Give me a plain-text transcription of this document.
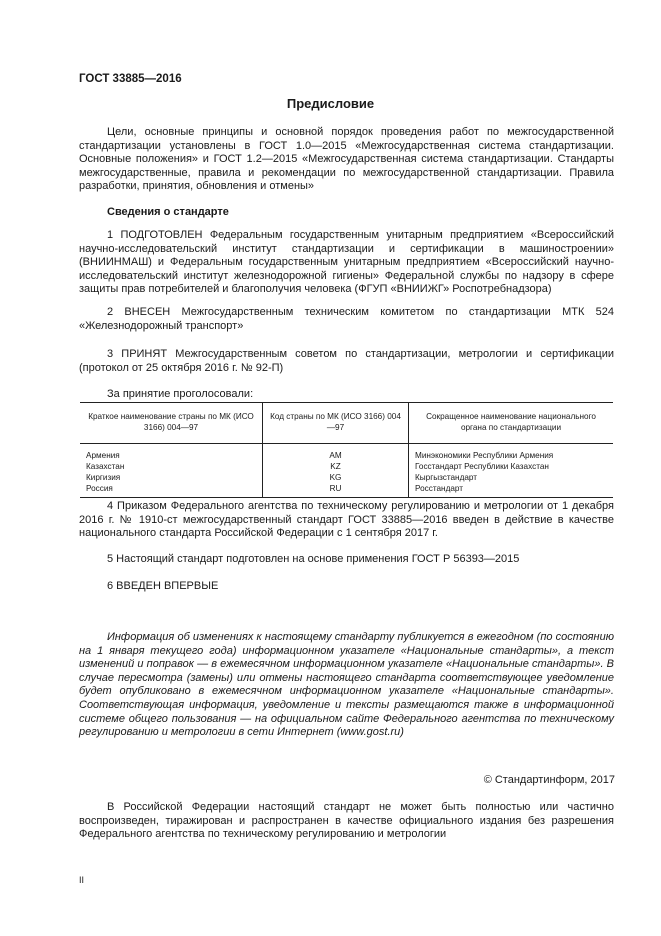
ГОСТ 33885—2016
Предисловие

Цели, основные принципы и основной порядок проведения работ по межгосударственной стандартизации установлены в ГОСТ 1.0—2015 «Межгосударственная система стандартизации. Основные положения» и ГОСТ 1.2—2015 «Межгосударственная система стандартизации. Стандарты межгосударственные, правила и рекомендации по межгосударственной стандартизации. Правила разработки, принятия, обновления и отмены»

Сведения о стандарте

1 ПОДГОТОВЛЕН Федеральным государственным унитарным предприятием «Всероссийский научно-исследовательский институт стандартизации и сертификации в машиностроении» (ВНИИНМАШ) и Федеральным государственным унитарным предприятием «Всероссийский научно-исследовательский институт железнодорожной гигиены» Федеральной службы по надзору в сфере защиты прав потребителей и благополучия человека (ФГУП «ВНИИЖГ» Роспотребнадзора)

2 ВНЕСЕН Межгосударственным техническим комитетом по стандартизации МТК 524 «Железнодорожный транспорт»

3 ПРИНЯТ Межгосударственным советом по стандартизации, метрологии и сертификации (протокол от 25 октября 2016 г. № 92-П)

За принятие проголосовали:
Краткое наименование страны по МК (ИСО 3166) 004—97	Код страны по МК (ИСО 3166) 004—97	Сокращенное наименование национального органа по стандартизации
Армения	AM	Минэкономики Республики Армения
Казахстан	KZ	Госстандарт Республики Казахстан
Киргизия	KG	Кыргызстандарт
Россия	RU	Росстандарт

4 Приказом Федерального агентства по техническому регулированию и метрологии от 1 декабря 2016 г. № 1910-ст межгосударственный стандарт ГОСТ 33885—2016 введен в действие в качестве национального стандарта Российской Федерации с 1 сентября 2017 г.

5 Настоящий стандарт подготовлен на основе применения ГОСТ Р 56393—2015
6 ВВЕДЕН ВПЕРВЫЕ

Информация об изменениях к настоящему стандарту публикуется в ежегодном (по состоянию на 1 января текущего года) информационном указателе «Национальные стандарты», а текст изменений и поправок — в ежемесячном информационном указателе «Национальные стандарты». В случае пересмотра (замены) или отмены настоящего стандарта соответствующее уведомление будет опубликовано в ежемесячном информационном указателе «Национальные стандарты». Соответствующая информация, уведомление и тексты размещаются также в информационной системе общего пользования — на официальном сайте Федерального агентства по техническому регулированию и метрологии в сети Интернет (www.gost.ru)

© Стандартинформ, 2017

В Российской Федерации настоящий стандарт не может быть полностью или частично воспроизведен, тиражирован и распространен в качестве официального издания без разрешения Федерального агентства по техническому регулированию и метрологии

II
